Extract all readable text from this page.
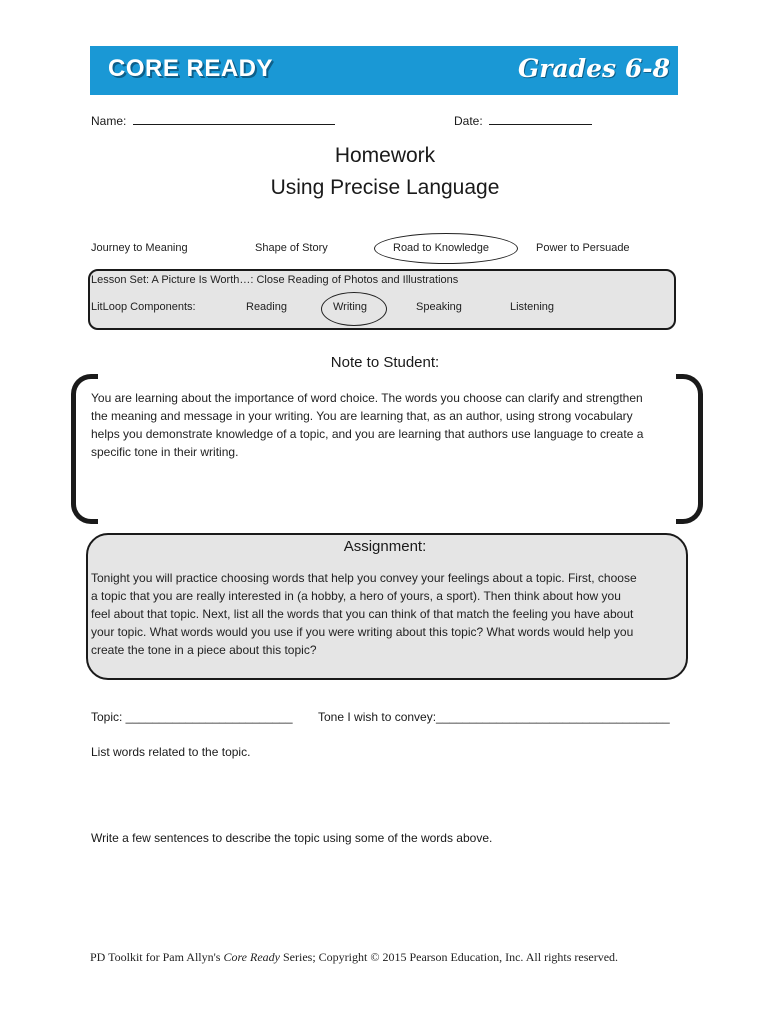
CORE READY	Grades 6-8
Name:	Date:
Homework
Using Precise Language
Journey to Meaning	Shape of Story	Road to Knowledge	Power to Persuade
Lesson Set: A Picture Is Worth…: Close Reading of Photos and Illustrations
LitLoop Components:	Reading	Writing	Speaking	Listening
Note to Student:
You are learning about the importance of word choice. The words you choose can clarify and strengthen
the meaning and message in your writing. You are learning that, as an author, using strong vocabulary
helps you demonstrate knowledge of a topic, and you are learning that authors use language to create a
specific tone in their writing.
Assignment:
Tonight you will practice choosing words that help you convey your feelings about a topic. First, choose
a topic that you are really interested in (a hobby, a hero of yours, a sport). Then think about how you
feel about that topic. Next, list all the words that you can think of that match the feeling you have about
your topic. What words would you use if you were writing about this topic? What words would help you
create the tone in a piece about this topic?
Topic: _________________________ Tone I wish to convey:___________________________________
List words related to the topic.
Write a few sentences to describe the topic using some of the words above.
PD Toolkit for Pam Allyn's Core Ready Series; Copyright © 2015 Pearson Education, Inc. All rights reserved.
